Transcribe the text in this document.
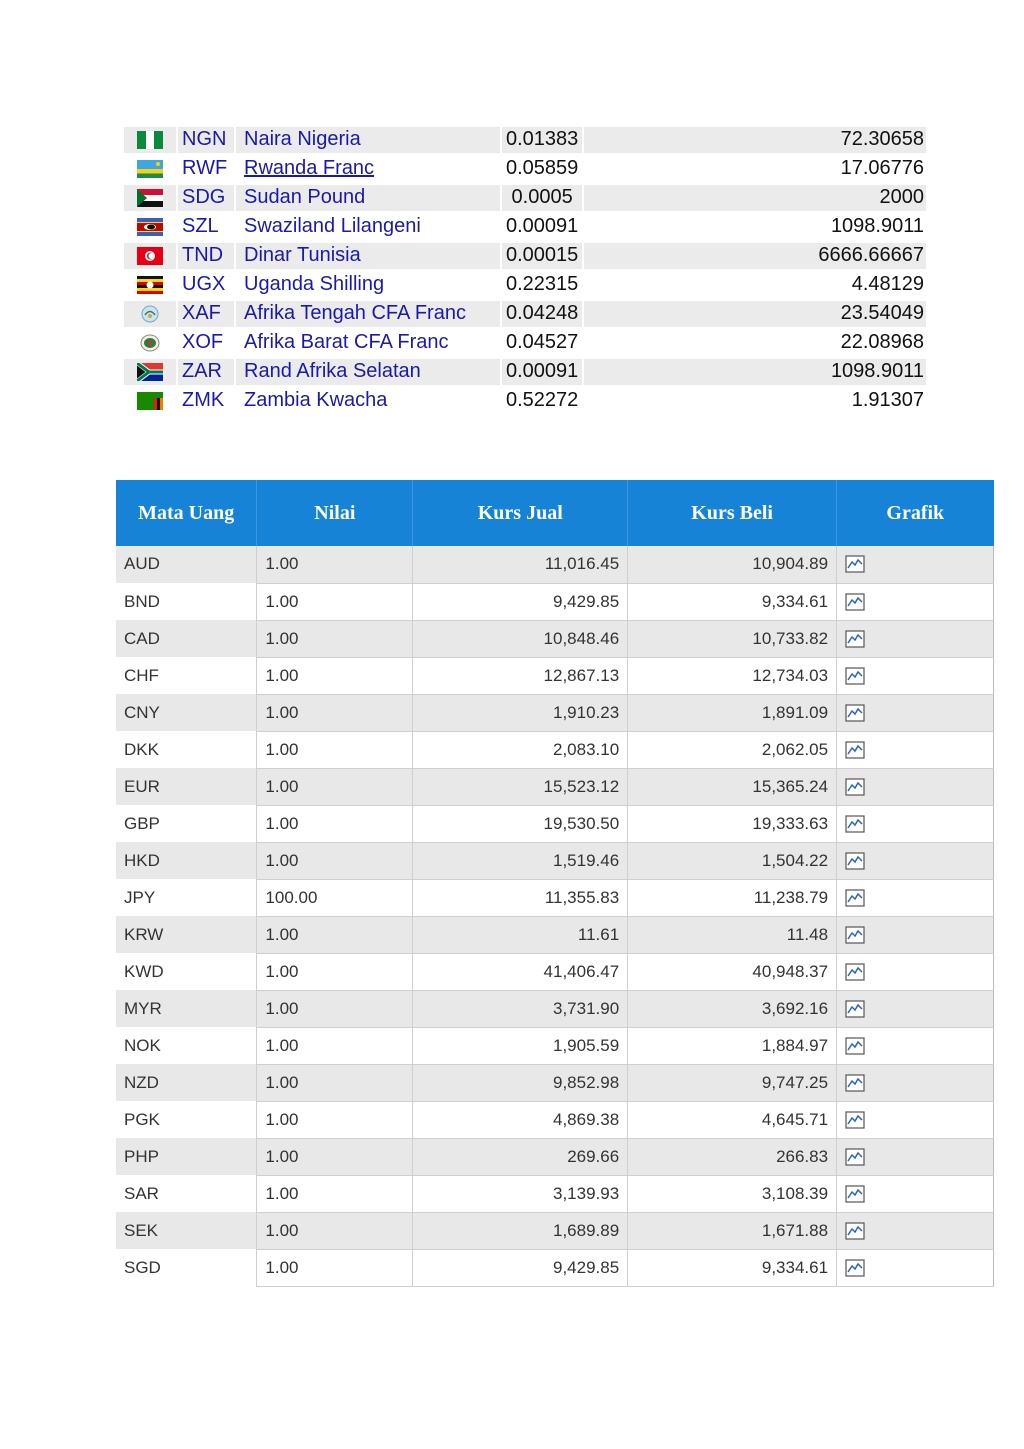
NGN Naira Nigeria	0.01383	72.30658
RWF Rwanda Franc	0.05859	17.06776
SDG Sudan Pound	0.0005	2000
SZL	Swaziland Lilangeni	0.00091	1098.9011
TND	Dinar Tunisia	0.00015	6666.66667
UGX Uganda Shilling	0.22315	4.48129
XAF	Afrika Tengah CFA Franc	0.04248	23.54049
XOF	Afrika Barat CFA Franc	0.04527	22.08968
ZAR	Rand Afrika Selatan	0.00091	1098.9011
ZMK Zambia Kwacha	0.52272	1.91307
Mata Uang	Nilai	Kurs Jual	Kurs Beli	Grafik
AUD	1.00	11,016.45	10,904.89	

BND	1.00	9,429.85	9,334.61	

CAD	1.00	10,848.46	10,733.82	

CHF	1.00	12,867.13	12,734.03	

CNY	1.00	1,910.23	1,891.09	

DKK	1.00	2,083.10	2,062.05	

EUR	1.00	15,523.12	15,365.24	

GBP	1.00	19,530.50	19,333.63	

HKD	1.00	1,519.46	1,504.22	

JPY	100.00	11,355.83	11,238.79	

KRW	1.00	11.61	11.48	

KWD	1.00	41,406.47	40,948.37	

MYR	1.00	3,731.90	3,692.16	

NOK	1.00	1,905.59	1,884.97	

NZD	1.00	9,852.98	9,747.25	

PGK	1.00	4,869.38	4,645.71	

PHP	1.00	269.66	266.83	

SAR	1.00	3,139.93	3,108.39	

SEK	1.00	1,689.89	1,671.88	

SGD	1.00	9,429.85	9,334.61	
